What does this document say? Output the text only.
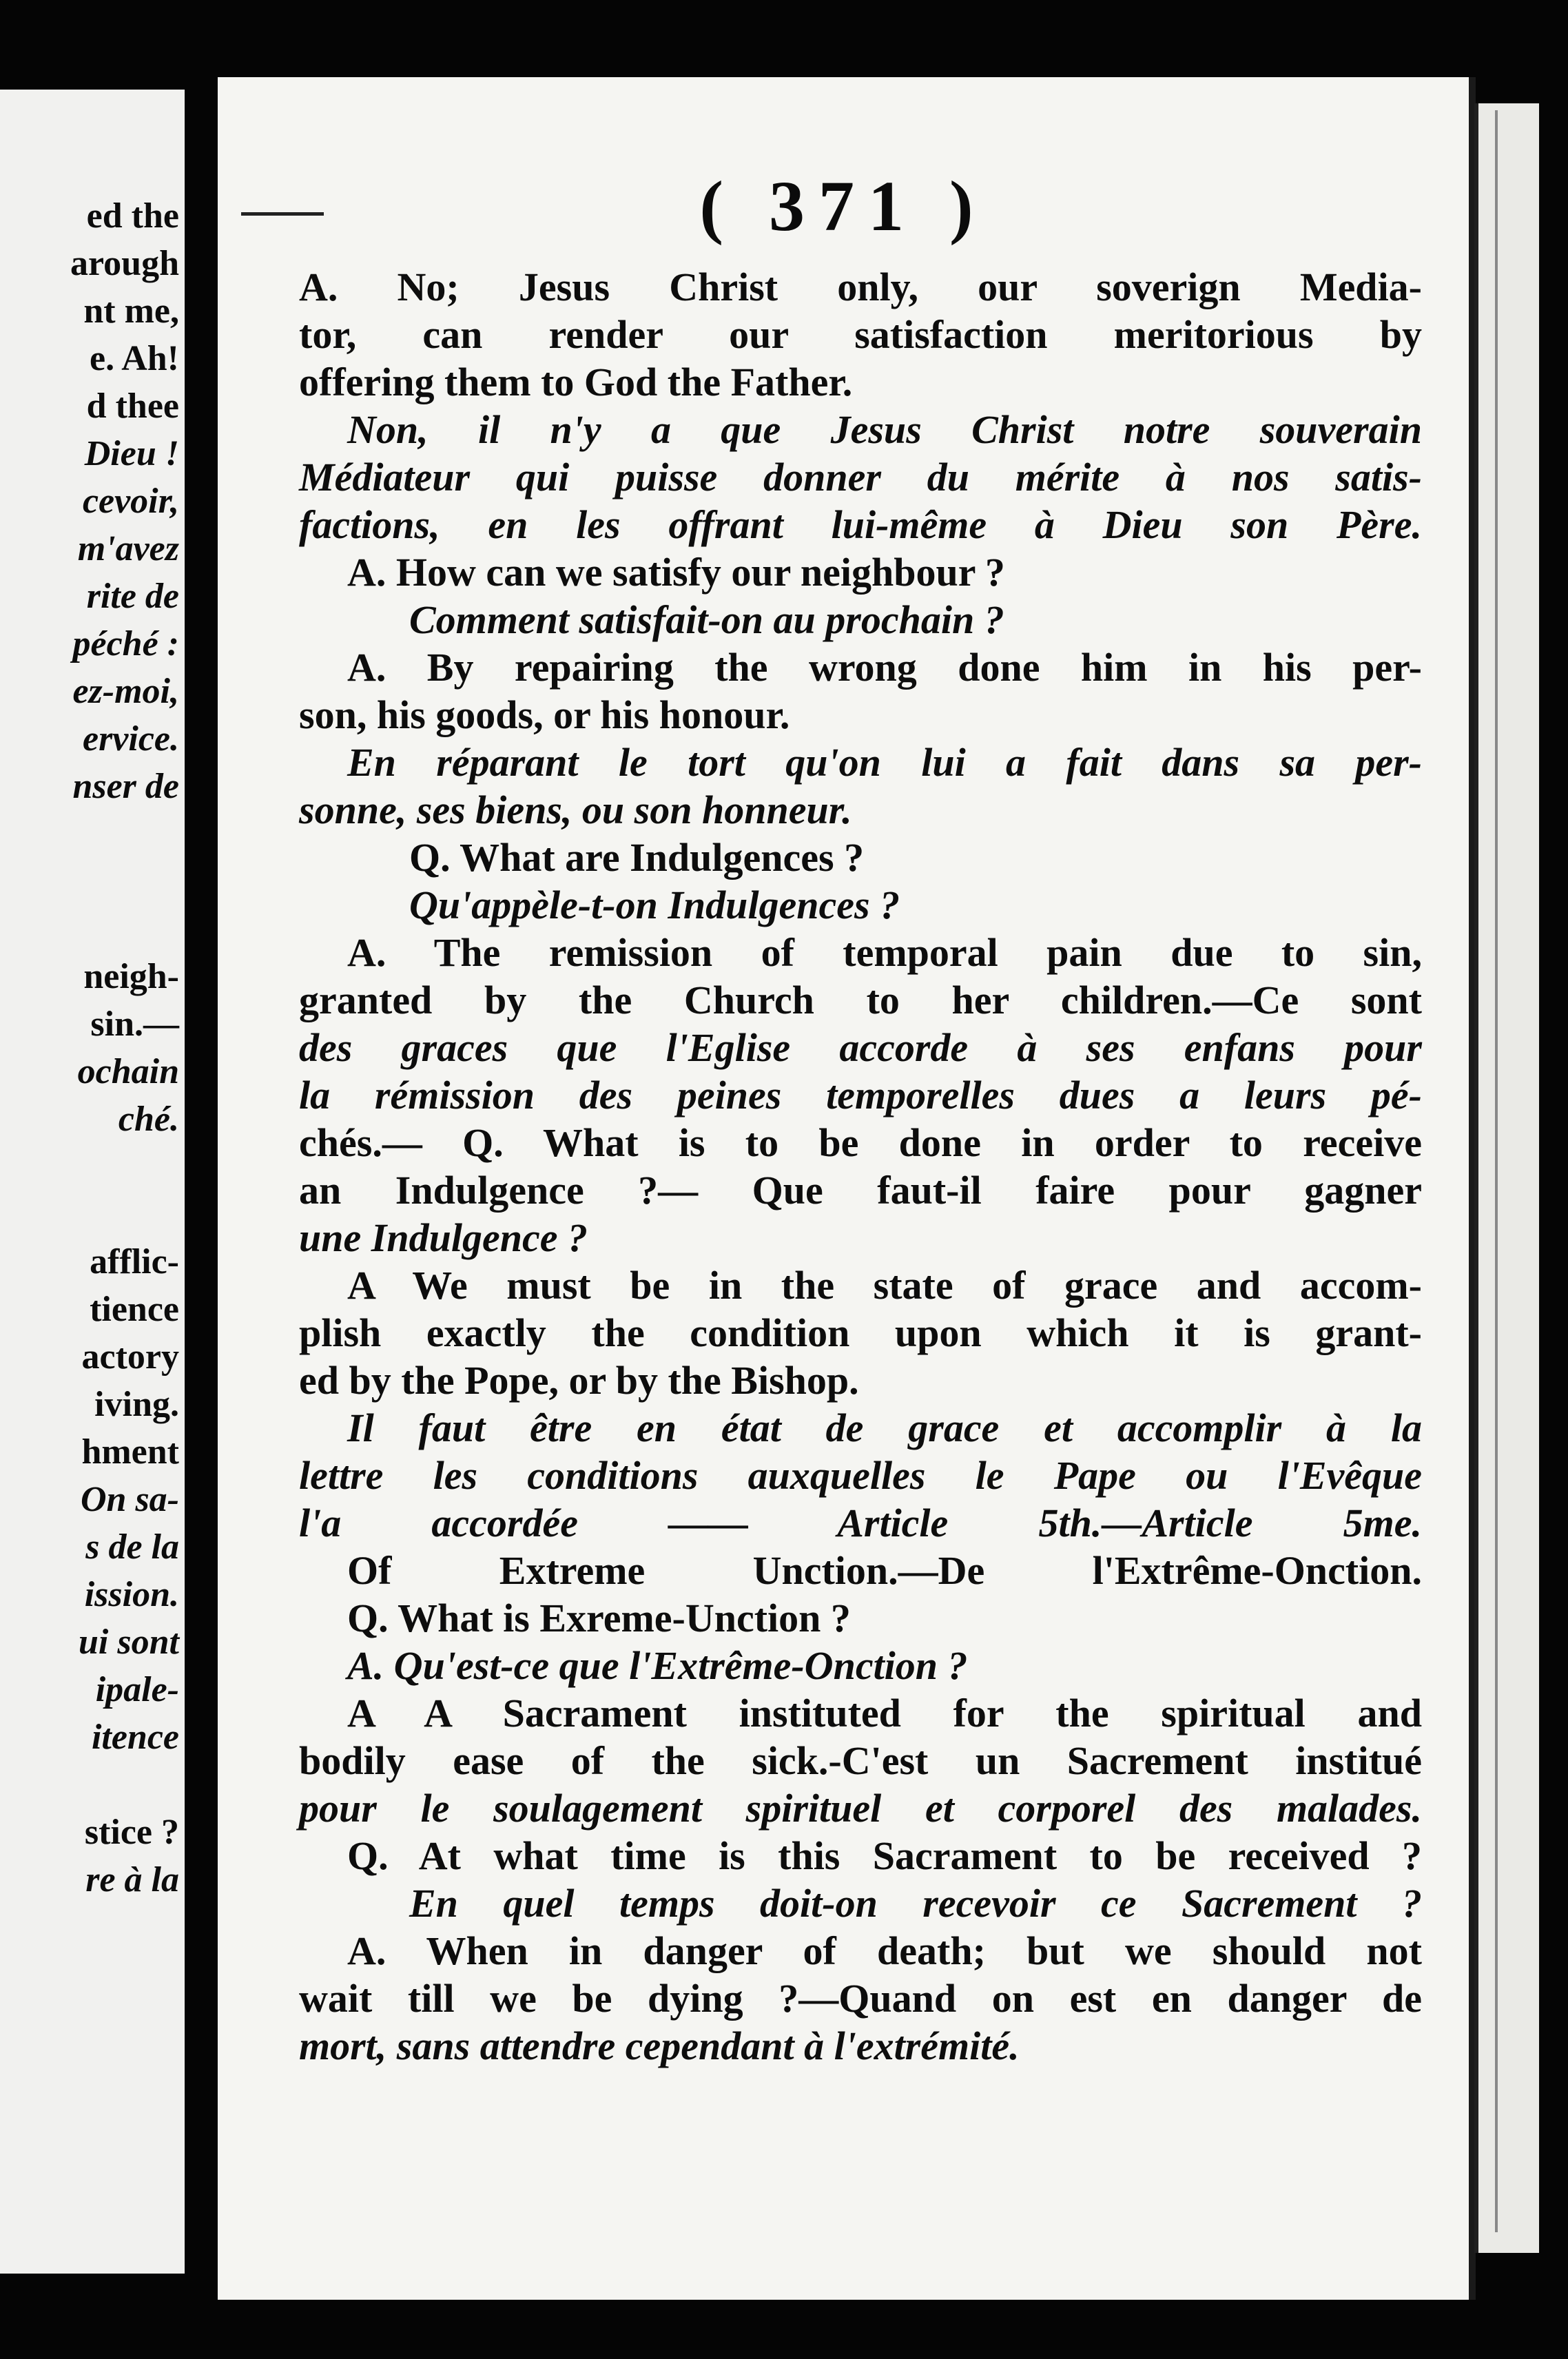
ed the
arough
nt me,
e. Ah!
d thee
Dieu !
cevoir,
m'avez
rite de
péché :
ez-moi,
ervice.
nser de
neigh-
sin.—
ochain
ché.
afflic-
tience
actory
iving.
hment
On sa-
s de la
ission.
ui sont
ipale-
itence
stice ?
re à la
( 371 )
A. No; Jesus Christ only, our soverign Media-
tor, can render our satisfaction meritorious by
offering them to God the Father.
Non, il n'y a que Jesus Christ notre souverain
Médiateur qui puisse donner du mérite à nos satis-
factions, en les offrant lui-même à Dieu son Père.
A. How can we satisfy our neighbour ?
Comment satisfait-on au prochain ?
A. By repairing the wrong done him in his per-
son, his goods, or his honour.
En réparant le tort qu'on lui a fait dans sa per-
sonne, ses biens, ou son honneur.
Q. What are Indulgences ?
Qu'appèle-t-on Indulgences ?
A. The remission of temporal pain due to sin,
granted by the Church to her children.—Ce sont
des graces que l'Eglise accorde à ses enfans pour
la rémission des peines temporelles dues a leurs pé-
chés.— Q. What is to be done in order to receive
an Indulgence ?— Que faut-il faire pour gagner
une Indulgence ?
A We must be in the state of grace and accom-
plish exactly the condition upon which it is grant-
ed by the Pope, or by the Bishop.
Il faut être en état de grace et accomplir à la
lettre les conditions auxquelles le Pape ou l'Evêque
l'a accordée —— Article 5th.—Article 5me.
Of Extreme Unction.—De l'Extrême-Onction.
Q. What is Exreme-Unction ?
A. Qu'est-ce que l'Extrême-Onction ?
A A Sacrament instituted for the spiritual and
bodily ease of the sick.-C'est un Sacrement institué
pour le soulagement spirituel et corporel des malades.
Q. At what time is this Sacrament to be received ?
En quel temps doit-on recevoir ce Sacrement ?
A. When in danger of death; but we should not
wait till we be dying ?—Quand on est en danger de
mort, sans attendre cependant à l'extrémité.
